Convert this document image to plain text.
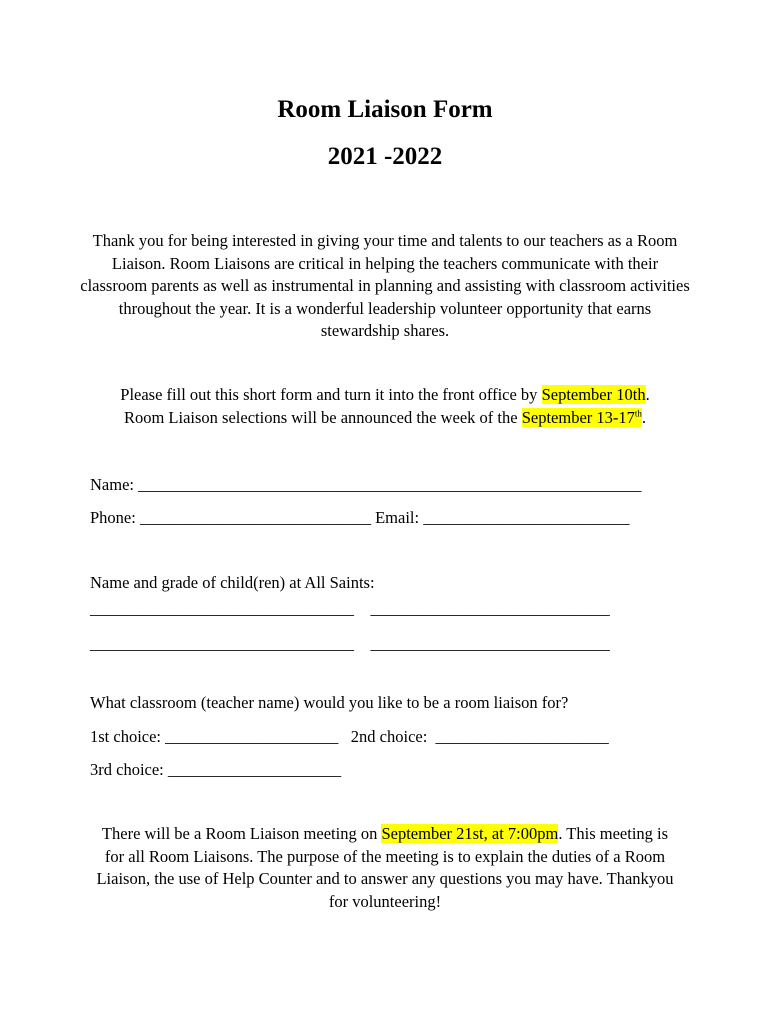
Room Liaison Form
2021 -2022
Thank you for being interested in giving your time and talents to our teachers as a Room Liaison. Room Liaisons are critical in helping the teachers communicate with their classroom parents as well as instrumental in planning and assisting with classroom activities throughout the year. It is a wonderful leadership volunteer opportunity that earns stewardship shares.
Please fill out this short form and turn it into the front office by September 10th.
Room Liaison selections will be announced the week of the September 13-17th.
Name: _____________________________________________________________
Phone: ____________________________ Email: _________________________
Name and grade of child(ren) at All Saints:
________________________________    _____________________________
________________________________    _____________________________
What classroom (teacher name) would you like to be a room liaison for?
1st choice: _____________________   2nd choice:  _____________________
3rd choice: _____________________
There will be a Room Liaison meeting on September 21st, at 7:00pm. This meeting is for all Room Liaisons. The purpose of the meeting is to explain the duties of a Room Liaison, the use of Help Counter and to answer any questions you may have. Thankyou for volunteering!
